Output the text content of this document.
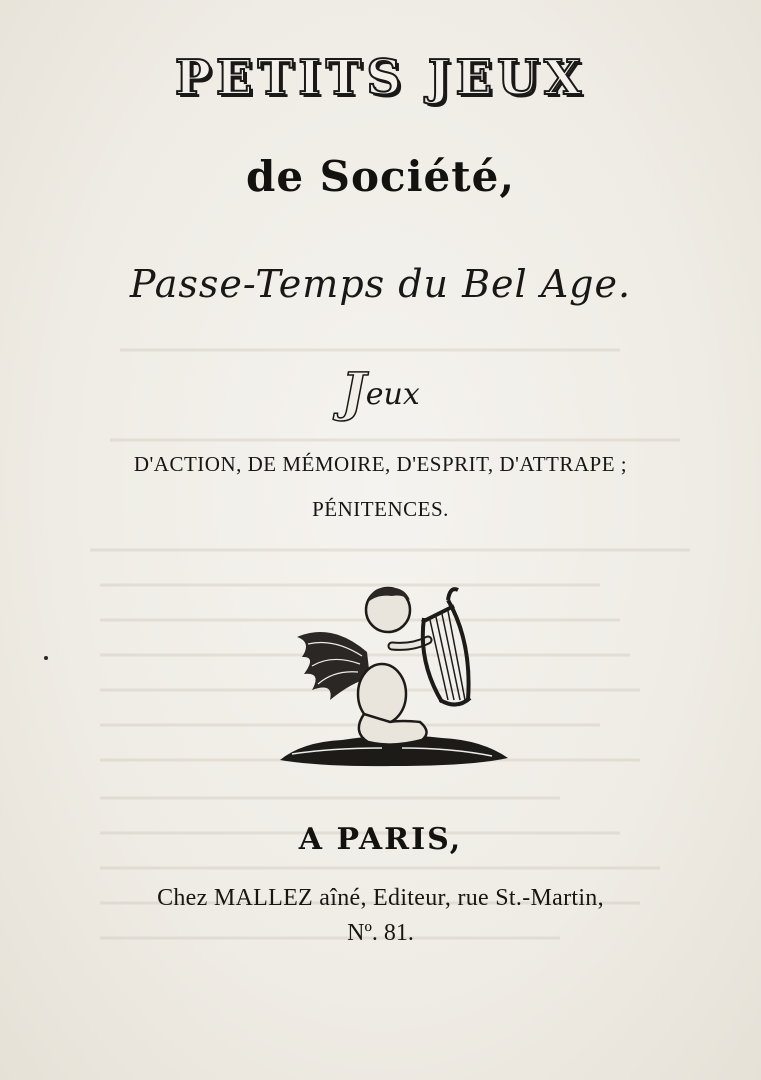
PETITS JEUX
de Société,
Passe-Temps du Bel Age.
Jeux
D'ACTION, DE MÉMOIRE, D'ESPRIT, D'ATTRAPE ;
PÉNITENCES.
A PARIS,
Chez MALLEZ aîné, Editeur, rue St.-Martin,
Nº. 81.
